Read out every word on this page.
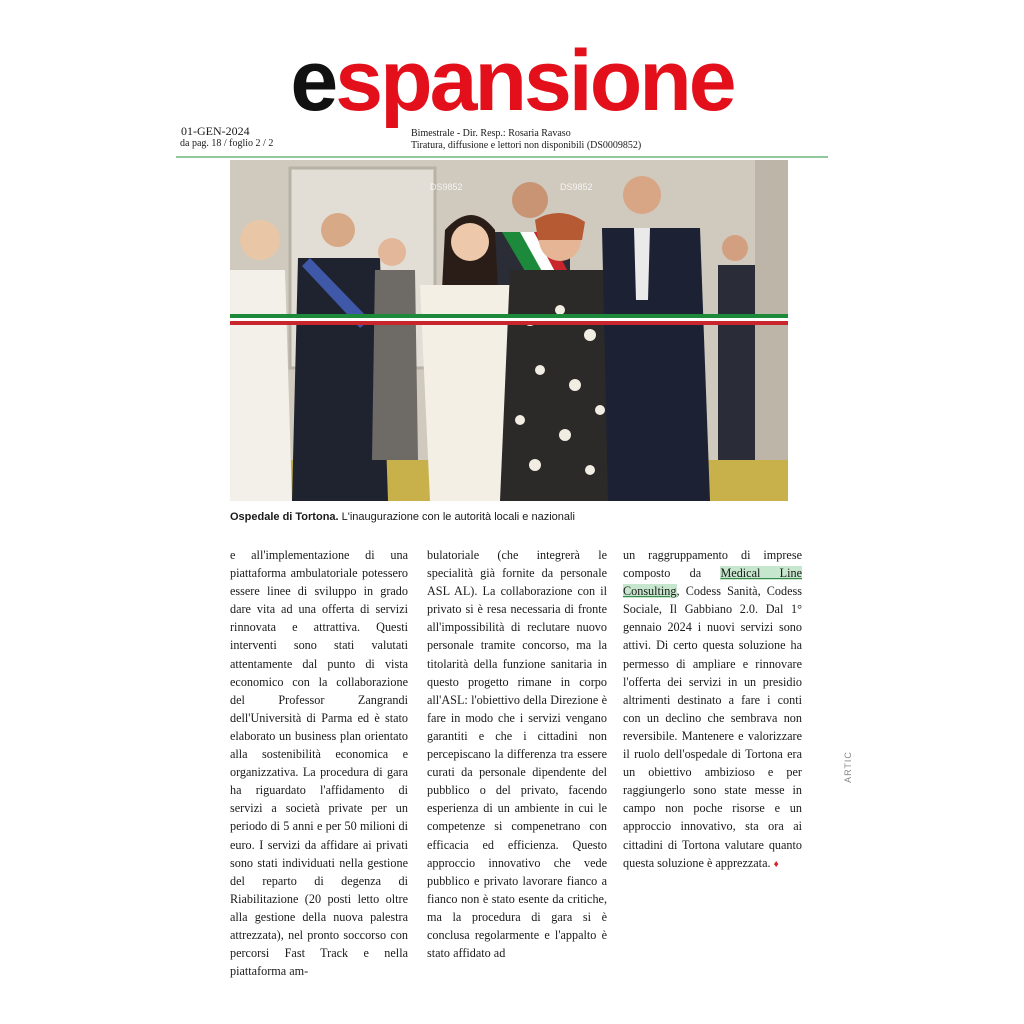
espansione
01-GEN-2024
da pag. 18 / foglio 2 / 2
Bimestrale - Dir. Resp.: Rosaria Ravaso
Tiratura, diffusione e lettori non disponibili (DS0009852)
DS9852	DS9852
Ospedale di Tortona. L'inaugurazione con le autorità locali e nazionali
e all'implementazione di una piattaforma ambulatoriale potessero essere linee di sviluppo in grado dare vita ad una offerta di servizi rinnovata e attrattiva. Questi interventi sono stati valutati attentamente dal punto di vista economico con la collaborazione del Professor Zangrandi dell'Università di Parma ed è stato elaborato un business plan orientato alla sostenibilità economica e organizzativa. La procedura di gara ha riguardato l'affidamento di servizi a società private per un periodo di 5 anni e per 50 milioni di euro. I servizi da affidare ai privati sono stati individuati nella gestione del reparto di degenza di Riabilitazione (20 posti letto oltre alla gestione della nuova palestra attrezzata), nel pronto soccorso con percorsi Fast Track e nella piattaforma am-
bulatoriale (che integrerà le specialità già fornite da personale ASL AL). La collaborazione con il privato si è resa necessaria di fronte all'impossibilità di reclutare nuovo personale tramite concorso, ma la titolarità della funzione sanitaria in questo progetto rimane in corpo all'ASL: l'obiettivo della Direzione è fare in modo che i servizi vengano garantiti e che i cittadini non percepiscano la differenza tra essere curati da personale dipendente del pubblico o del privato, facendo esperienza di un ambiente in cui le competenze si compenetrano con efficacia ed efficienza. Questo approccio innovativo che vede pubblico e privato lavorare fianco a fianco non è stato esente da critiche, ma la procedura di gara si è conclusa regolarmente e l'appalto è stato affidato ad
un raggruppamento di imprese composto da Medical Line Consulting, Codess Sanità, Codess Sociale, Il Gabbiano 2.0. Dal 1° gennaio 2024 i nuovi servizi sono attivi. Di certo questa soluzione ha permesso di ampliare e rinnovare l'offerta dei servizi in un presidio altrimenti destinato a fare i conti con un declino che sembrava non reversibile. Mantenere e valorizzare il ruolo dell'ospedale di Tortona era un obiettivo ambizioso e per raggiungerlo sono state messe in campo non poche risorse e un approccio innovativo, sta ora ai cittadini di Tortona valutare quanto questa soluzione è apprezzata. ♦
ARTIC
